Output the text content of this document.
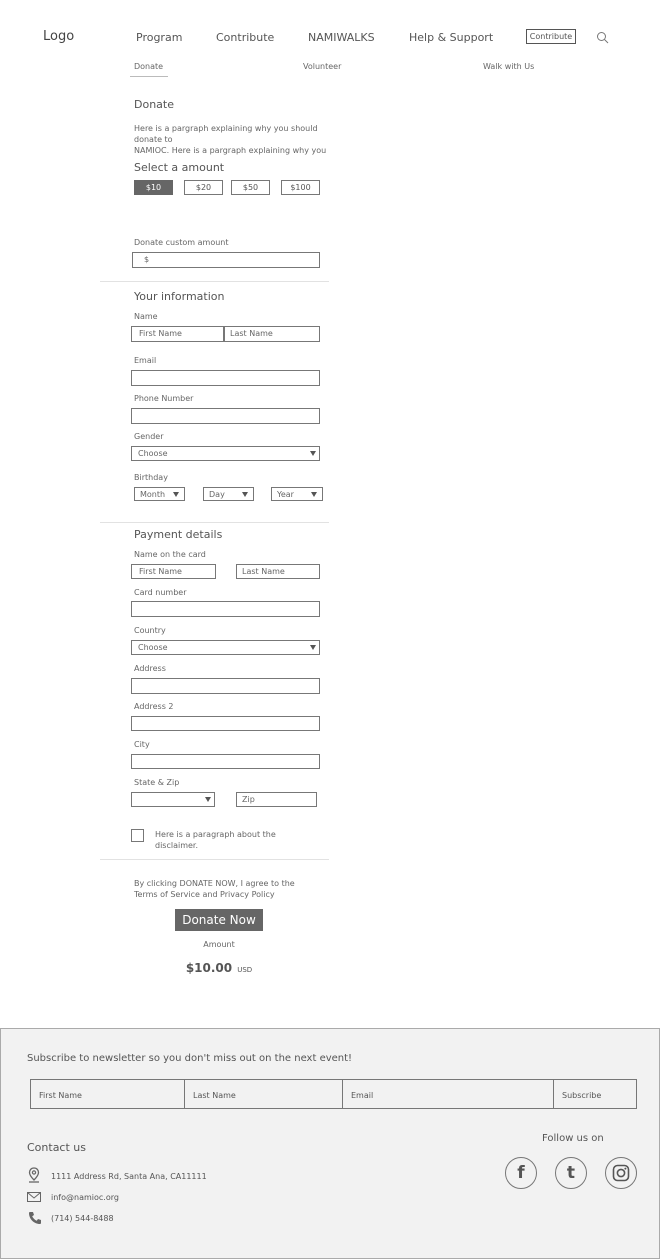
Logo	Program	Contribute	NAMIWALKS	Help & Support	Contribute
Donate	Volunteer	Walk with Us
Donate
Here is a pargraph explaining why you should
donate to
NAMIOC. Here is a pargraph explaining why you
Select a amount
$10	$20	$50	$100
Donate custom amount
$
Your information
Name
First Name	Last Name
Email
Phone Number
Gender
Choose
Birthday
Month	Day	Year
Payment details
Name on the card
First Name	Last Name
Card number
Country
Choose
Address
Address 2
City
State & Zip
Zip
Here is a paragraph about the
disclaimer.
By clicking DONATE NOW, I agree to the
Terms of Service and Privacy Policy
Donate Now
Amount
$10.00 USD
Subscribe to newsletter so you don't miss out on the next event!
First Name	Last Name	Email	Subscribe
Contact us
1111 Address Rd, Santa Ana, CA11111
info@namioc.org
(714) 544-8488
Follow us on
f	t
